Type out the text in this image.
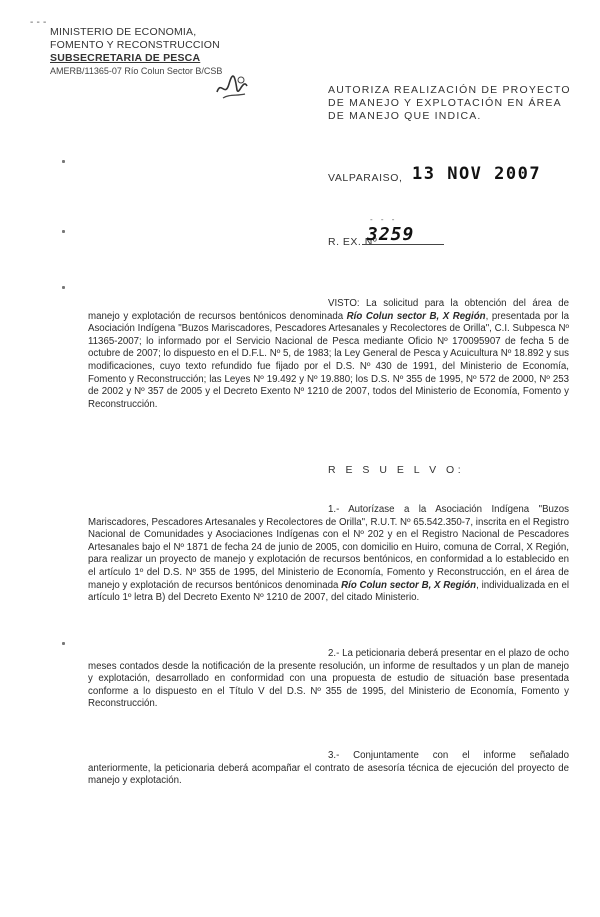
- - -
MINISTERIO DE ECONOMIA,
FOMENTO Y RECONSTRUCCION
SUBSECRETARIA DE PESCA
AMERB/11365-07 Río Colun Sector B/CSB
AUTORIZA REALIZACIÓN DE PROYECTO DE MANEJO Y EXPLOTACIÓN EN ÁREA DE MANEJO QUE INDICA.
VALPARAISO, 13 NOV 2007
- - -
R. EX. Nº
3259
VISTO: La solicitud para la obtención del área de manejo y explotación de recursos bentónicos denominada Río Colun sector B, X Región, presentada por la Asociación Indígena "Buzos Mariscadores, Pescadores Artesanales y Recolectores de Orilla", C.I. Subpesca Nº 11365-2007; lo informado por el Servicio Nacional de Pesca mediante Oficio Nº 170095907 de fecha 5 de octubre de 2007; lo dispuesto en el D.F.L. Nº 5, de 1983; la Ley General de Pesca y Acuicultura Nº 18.892 y sus modificaciones, cuyo texto refundido fue fijado por el D.S. Nº 430 de 1991, del Ministerio de Economía, Fomento y Reconstrucción; las Leyes Nº 19.492 y Nº 19.880; los D.S. Nº 355 de 1995, Nº 572 de 2000, Nº 253 de 2002 y Nº 357 de 2005 y el Decreto Exento Nº 1210 de 2007, todos del Ministerio de Economía, Fomento y Reconstrucción.
R E S U E L V O:
1.- Autorízase a la Asociación Indígena "Buzos Mariscadores, Pescadores Artesanales y Recolectores de Orilla", R.U.T. Nº 65.542.350-7, inscrita en el Registro Nacional de Comunidades y Asociaciones Indígenas con el Nº 202 y en el Registro Nacional de Pescadores Artesanales bajo el Nº 1871 de fecha 24 de junio de 2005, con domicilio en Huiro, comuna de Corral, X Región, para realizar un proyecto de manejo y explotación de recursos bentónicos, en conformidad a lo establecido en el artículo 1º del D.S. Nº 355 de 1995, del Ministerio de Economía, Fomento y Reconstrucción, en el área de manejo y explotación de recursos bentónicos denominada Río Colun sector B, X Región, individualizada en el artículo 1º letra B) del Decreto Exento Nº 1210 de 2007, del citado Ministerio.
2.- La peticionaria deberá presentar en el plazo de ocho meses contados desde la notificación de la presente resolución, un informe de resultados y un plan de manejo y explotación, desarrollado en conformidad con una propuesta de estudio de situación base presentada conforme a lo dispuesto en el Título V del D.S. Nº 355 de 1995, del Ministerio de Economía, Fomento y Reconstrucción.
3.- Conjuntamente con el informe señalado anteriormente, la peticionaria deberá acompañar el contrato de asesoría técnica de ejecución del proyecto de manejo y explotación.
